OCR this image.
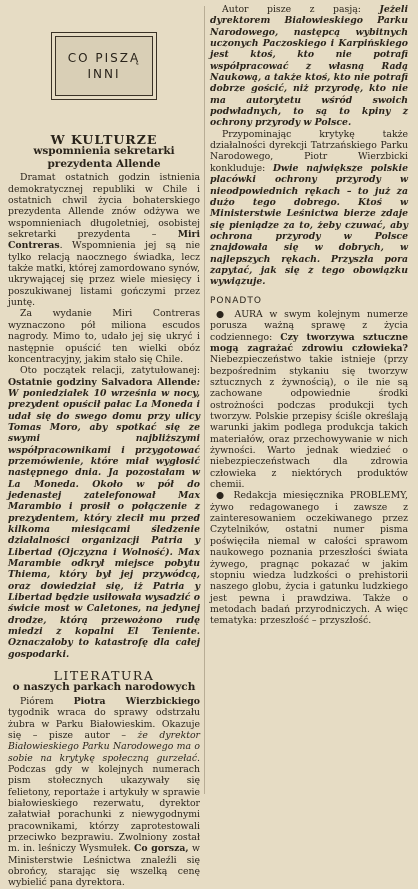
CO PISZĄ
INNI
W KULTURZE
wspomnienia sekretarki prezydenta Allende

Dramat ostatnich godzin istnienia demokratycznej republiki w Chile i ostatnich chwil życia bohaterskiego prezydenta Allende znów odżywa we wspomnieniach długoletniej, osobistej sekretarki prezydenta – Miri Contreras. Wspomnienia jej są nie tylko relacją naocznego świadka, lecz także matki, której zamordowano synów, ukrywającej się przez wiele miesięcy i poszukiwanej listami gończymi przez juntę.

Za wydanie Miri Contreras wyznaczono pół miliona escudos nagrody. Mimo to, udało jej się ukryć i następnie opuścić ten wielki obóz koncentracyjny, jakim stało się Chile.

Oto początek relacji, zatytułowanej: Ostatnie godziny Salvadora Allende: W poniedziałek 10 września w nocy, prezydent opuścił pałac La Moneda i udał się do swego domu przy ulicy Tomas Moro, aby spotkać się ze swymi najbliższymi współpracownikami i przygotować przemówienie, które miał wygłosić następnego dnia. Ja pozostałam w La Moneda. Około w pół do jedenastej zatelefonował Max Marambio i prosił o połączenie z prezydentem, który zlecił mu przed kilkoma miesiącami śledzenie działalności organizacji Patria y Libertad (Ojczyzna i Wolność). Max Marambie odkrył miejsce pobytu Thiema, który był jej przywódcą, oraz dowiedział się, iż Patria y Libertad będzie usiłowała wysadzić o świcie most w Caletones, na jedynej drodze, którą przewożono rudę miedzi z kopalni El Teniente. Oznaczałoby to katastrofę dla całej gospodarki.

LITERATURA
o naszych parkach narodowych

Piórem Piotra Wierzbickiego tygodnik wraca do sprawy odstrzału żubra w Parku Białowieskim. Okazuje się – pisze autor – że dyrektor Białowieskiego Parku Narodowego ma o sobie na krytykę społeczną gurzełać. Podczas gdy w kolejnych numerach pism stołecznych ukazywały się felietony, reportaże i artykuły w sprawie białowieskiego rezerwatu, dyrektor załatwiał porachunki z niewygodnymi pracownikami, którzy zaprotestowali przeciwko bezprawiu. Zwolniony został m. in. leśniczy Wysmułek. Co gorsza, w Ministerstwie Leśnictwa znaleźli się obrońcy, starając się wszelką cenę wybielić pana dyrektora.

Autor pisze z pasją: Jeżeli dyrektorem Białowieskiego Parku Narodowego, następcą wybitnych uczonych Paczoskiego i Karpińskiego jest ktoś, kto nie potrafi współpracować z własną Radą Naukową, a także ktoś, kto nie potrafi dobrze gościć, niż przyrodę, kto nie ma autorytetu wśród swoich podwładnych, to są to kpiny z ochrony przyrody w Polsce.

Przypominając krytykę także działalności dyrekcji Tatrzańskiego Parku Narodowego, Piotr Wierzbicki konkluduje: Dwie największe polskie placówki ochrony przyrody w nieodpowiednich rękach – to już za dużo tego dobrego. Ktoś w Ministerstwie Leśnictwa bierze zdaje się pieniądze za to, żeby czuwać, aby ochrona przyrody w Polsce znajdowała się w dobrych, w najlepszych rękach. Przyszła pora zapytać, jak się z tego obowiązku wywiązuje.

PONADTO

● AURA w swym kolejnym numerze porusza ważną sprawę z życia codziennego: Czy tworzywa sztuczne mogą zagrażać zdrowiu człowieka? Niebezpieczeństwo takie istnieje (przy bezpośrednim stykaniu się tworzyw sztucznych z żywnością), o ile nie są zachowane odpowiednie środki ostrożności podczas produkcji tych tworzyw. Polskie przepisy ściśle określają warunki jakim podlega produkcja takich materiałów, oraz przechowywanie w nich żywności. Warto jednak wiedzieć o niebezpieczeństwach dla zdrowia człowieka z niektórych produktów chemii.

● Redakcja miesięcznika PROBLEMY, żywo redagowanego i zawsze z zainteresowaniem oczekiwanego przez Czytelników, ostatni numer pisma poświęciła niemal w całości sprawom naukowego poznania przeszłości świata żywego, pragnąc pokazać w jakim stopniu wiedza ludzkości o prehistorii naszego globu, życia i gatunku ludzkiego jest pewna i prawdziwa. Także o metodach badań przyrodniczych. A więc tematyka: przeszłość – przyszłość.
